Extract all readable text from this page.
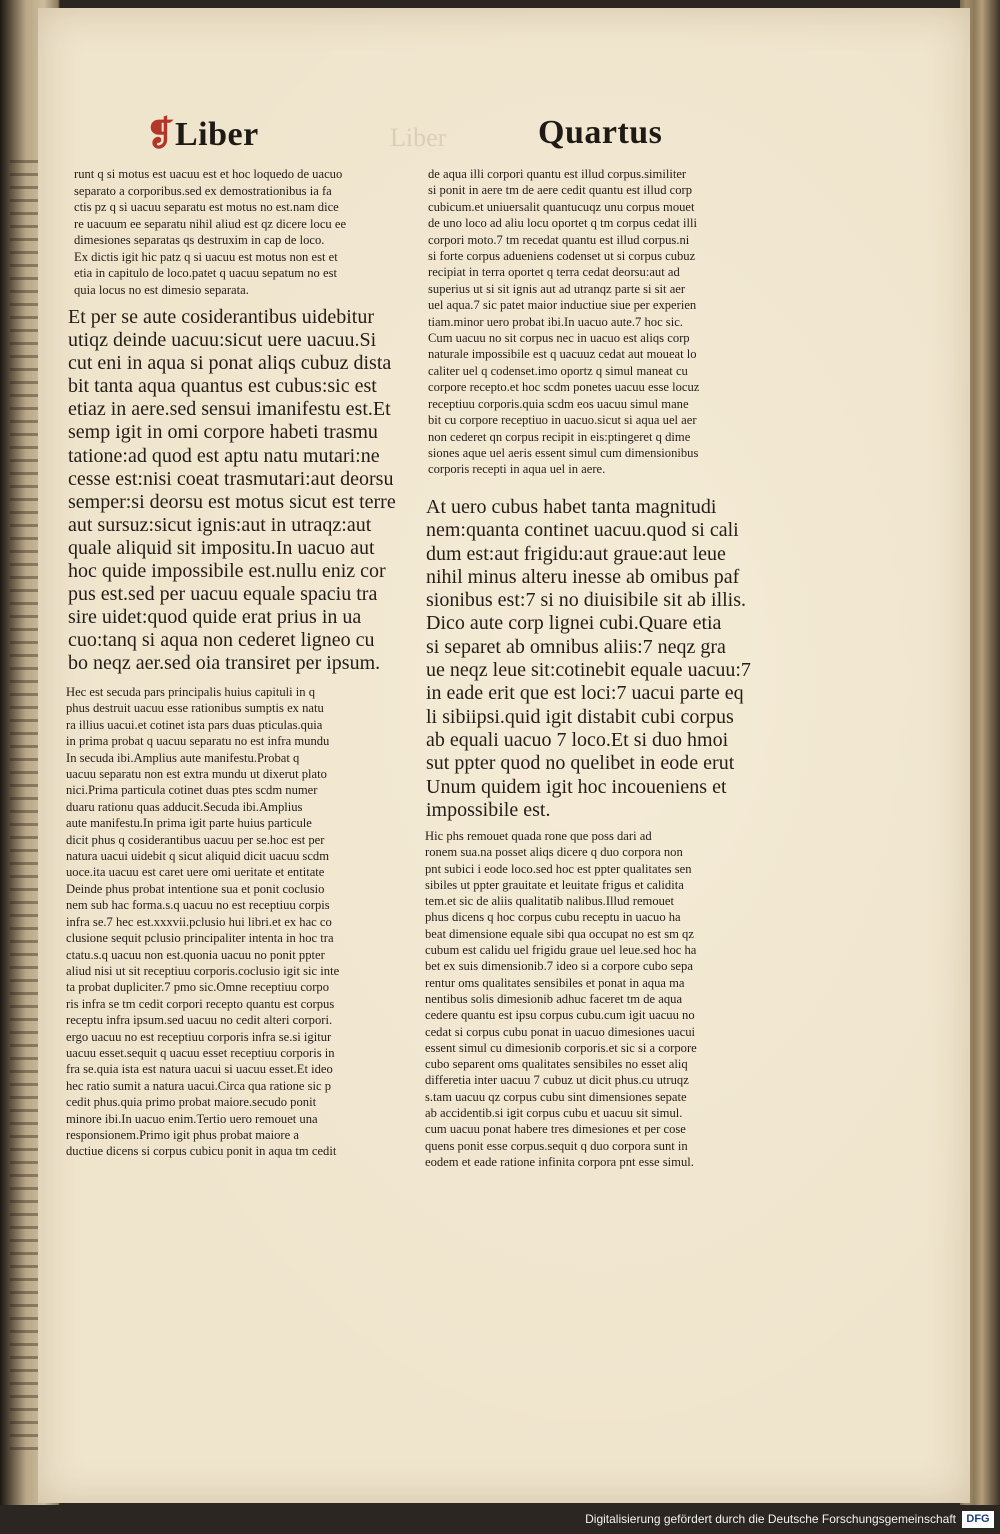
Liber
❡Liber	Quartus

runt q si motus est uacuu est et hoc loquedo de uacuo

separato a corporibus.sed ex demostrationibus ia fa

ctis pz q si uacuu separatu est motus no est.nam dice

re uacuum ee separatu nihil aliud est qz dicere locu ee

dimesiones separatas qs destruxim in cap de loco.

Ex dictis igit hic patz q si uacuu est motus non est et

etia in capitulo de loco.patet q uacuu sepatum no est

quia locus no est dimesio separata.

Et per se aute cosiderantibus uidebitur

utiqz deinde uacuu:sicut uere uacuu.Si

cut eni in aqua si ponat aliqs cubuz dista

bit tanta aqua quantus est cubus:sic est

etiaz in aere.sed sensui imanifestu est.Et

semp igit in omi corpore habeti trasmu

tatione:ad quod est aptu natu mutari:ne

cesse est:nisi coeat trasmutari:aut deorsu

semper:si deorsu est motus sicut est terre

aut sursuz:sicut ignis:aut in utraqz:aut

quale aliquid sit impositu.In uacuo aut

hoc quide impossibile est.nullu eniz cor

pus est.sed per uacuu equale spaciu tra

sire uidet:quod quide erat prius in ua

cuo:tanq si aqua non cederet ligneo cu

bo neqz aer.sed oia transiret per ipsum.

Hec est secuda pars principalis huius capituli in q

phus destruit uacuu esse rationibus sumptis ex natu

ra illius uacui.et cotinet ista pars duas pticulas.quia

in prima probat q uacuu separatu no est infra mundu

In secuda ibi.Amplius aute manifestu.Probat q

uacuu separatu non est extra mundu ut dixerut plato

nici.Prima particula cotinet duas ptes scdm numer

duaru rationu quas adducit.Secuda ibi.Amplius

aute manifestu.In prima igit parte huius particule

dicit phus q cosiderantibus uacuu per se.hoc est per

natura uacui uidebit q sicut aliquid dicit uacuu scdm

uoce.ita uacuu est caret uere omi ueritate et entitate

Deinde phus probat intentione sua et ponit coclusio

nem sub hac forma.s.q uacuu no est receptiuu corpis

infra se.7 hec est.xxxvii.pclusio hui libri.et ex hac co

clusione sequit pclusio principaliter intenta in hoc tra

ctatu.s.q uacuu non est.quonia uacuu no ponit ppter

aliud nisi ut sit receptiuu corporis.coclusio igit sic inte

ta probat dupliciter.7 pmo sic.Omne receptiuu corpo

ris infra se tm cedit corpori recepto quantu est corpus

receptu infra ipsum.sed uacuu no cedit alteri corpori.

ergo uacuu no est receptiuu corporis infra se.si igitur

uacuu esset.sequit q uacuu esset receptiuu corporis in

fra se.quia ista est natura uacui si uacuu esset.Et ideo

hec ratio sumit a natura uacui.Circa qua ratione sic p

cedit phus.quia primo probat maiore.secudo ponit

minore ibi.In uacuo enim.Tertio uero remouet una

responsionem.Primo igit phus probat maiore a

ductiue dicens si corpus cubicu ponit in aqua tm cedit

de aqua illi corpori quantu est illud corpus.similiter

si ponit in aere tm de aere cedit quantu est illud corp

cubicum.et uniuersalit quantucuqz unu corpus mouet

de uno loco ad aliu locu oportet q tm corpus cedat illi

corpori moto.7 tm recedat quantu est illud corpus.ni

si forte corpus adueniens codenset ut si corpus cubuz

recipiat in terra oportet q terra cedat deorsu:aut ad

superius ut si sit ignis aut ad utranqz parte si sit aer

uel aqua.7 sic patet maior inductiue siue per experien

tiam.minor uero probat ibi.In uacuo aute.7 hoc sic.

Cum uacuu no sit corpus nec in uacuo est aliqs corp

naturale impossibile est q uacuuz cedat aut moueat lo

caliter uel q codenset.imo oportz q simul maneat cu

corpore recepto.et hoc scdm ponetes uacuu esse locuz

receptiuu corporis.quia scdm eos uacuu simul mane

bit cu corpore receptiuo in uacuo.sicut si aqua uel aer

non cederet qn corpus recipit in eis:ptingeret q dime

siones aque uel aeris essent simul cum dimensionibus

corporis recepti in aqua uel in aere.

At uero cubus habet tanta magnitudi

nem:quanta continet uacuu.quod si cali

dum est:aut frigidu:aut graue:aut leue

nihil minus alteru inesse ab omibus paf

sionibus est:7 si no diuisibile sit ab illis.

Dico aute corp lignei cubi.Quare etia

si separet ab omnibus aliis:7 neqz gra

ue neqz leue sit:cotinebit equale uacuu:7

in eade erit que est loci:7 uacui parte eq

li sibiipsi.quid igit distabit cubi corpus

ab equali uacuo 7 loco.Et si duo hmoi

sut ppter quod no quelibet in eode erut

Unum quidem igit hoc incoueniens et

impossibile est.

Hic phs remouet quada rone que poss dari ad

ronem sua.na posset aliqs dicere q duo corpora non

pnt subici i eode loco.sed hoc est ppter qualitates sen

sibiles ut ppter grauitate et leuitate frigus et calidita

tem.et sic de aliis qualitatib nalibus.Illud remouet

phus dicens q hoc corpus cubu receptu in uacuo ha

beat dimensione equale sibi qua occupat no est sm qz

cubum est calidu uel frigidu graue uel leue.sed hoc ha

bet ex suis dimensionib.7 ideo si a corpore cubo sepa

rentur oms qualitates sensibiles et ponat in aqua ma

nentibus solis dimesionib adhuc faceret tm de aqua

cedere quantu est ipsu corpus cubu.cum igit uacuu no

cedat si corpus cubu ponat in uacuo dimesiones uacui

essent simul cu dimesionib corporis.et sic si a corpore

cubo separent oms qualitates sensibiles no esset aliq

differetia inter uacuu 7 cubuz ut dicit phus.cu utruqz

s.tam uacuu qz corpus cubu sint dimensiones sepate

ab accidentib.si igit corpus cubu et uacuu sit simul.

cum uacuu ponat habere tres dimesiones et per cose

quens ponit esse corpus.sequit q duo corpora sunt in

eodem et eade ratione infinita corpora pnt esse simul.

Digitalisierung gefördert durch die Deutsche Forschungsgemeinschaft DFG
